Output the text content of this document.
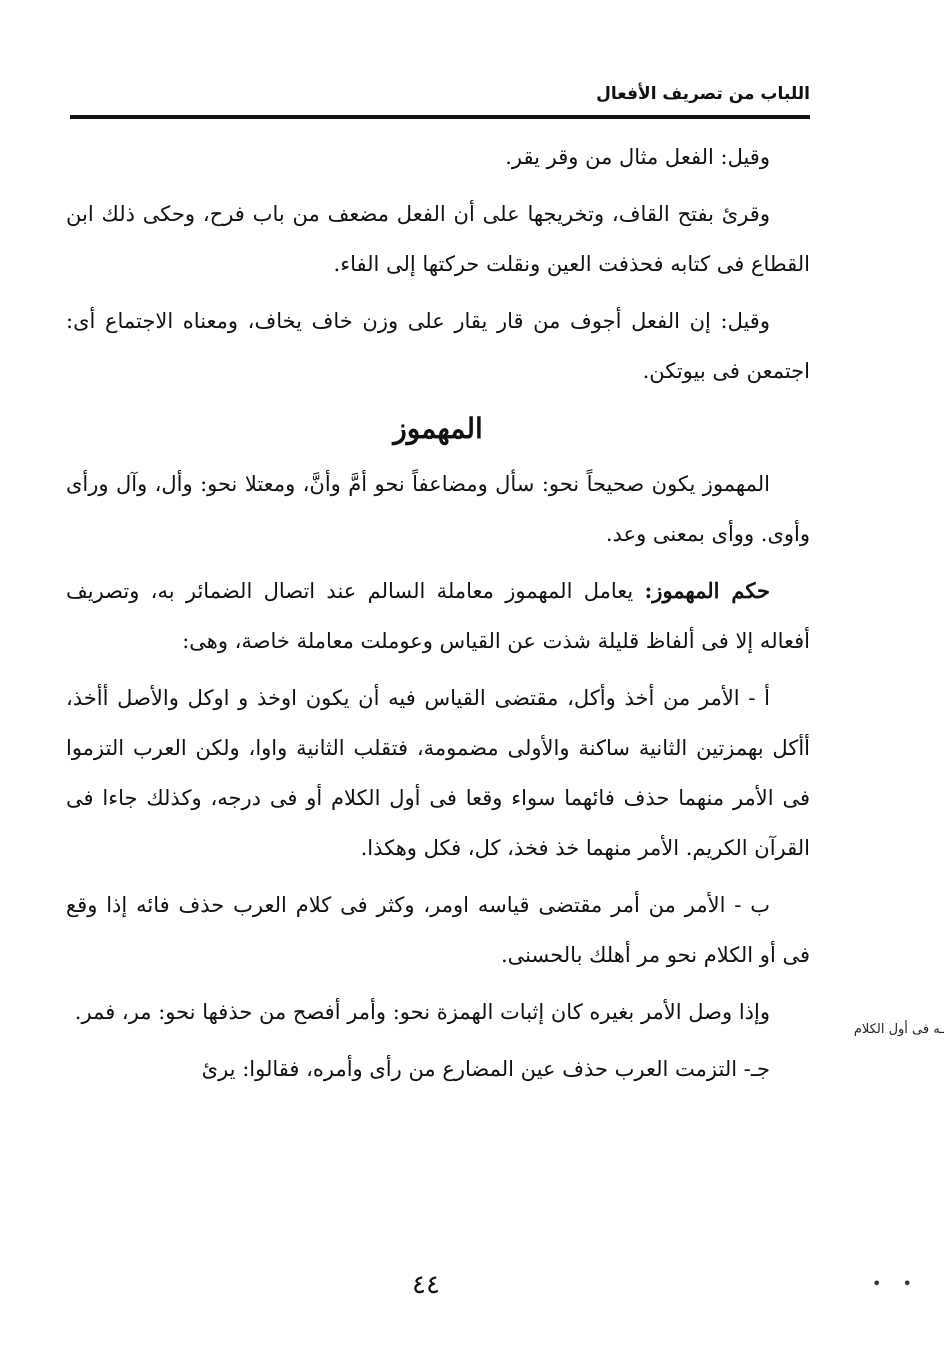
اللباب من تصريف الأفعال

وقيل: الفعل مثال من وقر يقر.

وقرئ بفتح القاف، وتخريجها على أن الفعل مضعف من باب فرح، وحكى ذلك ابن القطاع فى كتابه فحذفت العين ونقلت حركتها إلى الفاء.

وقيل: إن الفعل أجوف من قار يقار على وزن خاف يخاف، ومعناه الاجتماع أى: اجتمعن فى بيوتكن.

المهموز

المهموز يكون صحيحاً نحو: سأل ومضاعفاً نحو أمَّ وأنَّ، ومعتلا نحو: وأل، وآل ورأى وأوى. ووأى بمعنى وعد.

حكم المهموز: يعامل المهموز معاملة السالم عند اتصال الضمائر به، وتصريف أفعاله إلا فى ألفاظ قليلة شذت عن القياس وعوملت معاملة خاصة، وهى:

أ - الأمر من أخذ وأكل، مقتضى القياس فيه أن يكون اوخذ و اوكل والأصل أأخذ، أأكل بهمزتين الثانية ساكنة والأولى مضمومة، فتقلب الثانية واوا، ولكن العرب التزموا فى الأمر منهما حذف فائهما سواء وقعا فى أول الكلام أو فى درجه، وكذلك جاءا فى القرآن الكريم. الأمر منهما خذ فخذ، كل، فكل وهكذا.

ب - الأمر من أمر مقتضى قياسه اومر، وكثر فى كلام العرب حذف فائه إذا وقع فى أو الكلام نحو مر أهلك بالحسنى.

وإذا وصل الأمر بغيره كان إثبات الهمزة نحو: وأمر أفصح من حذفها نحو: مر، فمر.

جـ- التزمت العرب حذف عين المضارع من رأى وأمره، فقالوا: يرئ

ـه فى أول الكلام
٤٤	• •
